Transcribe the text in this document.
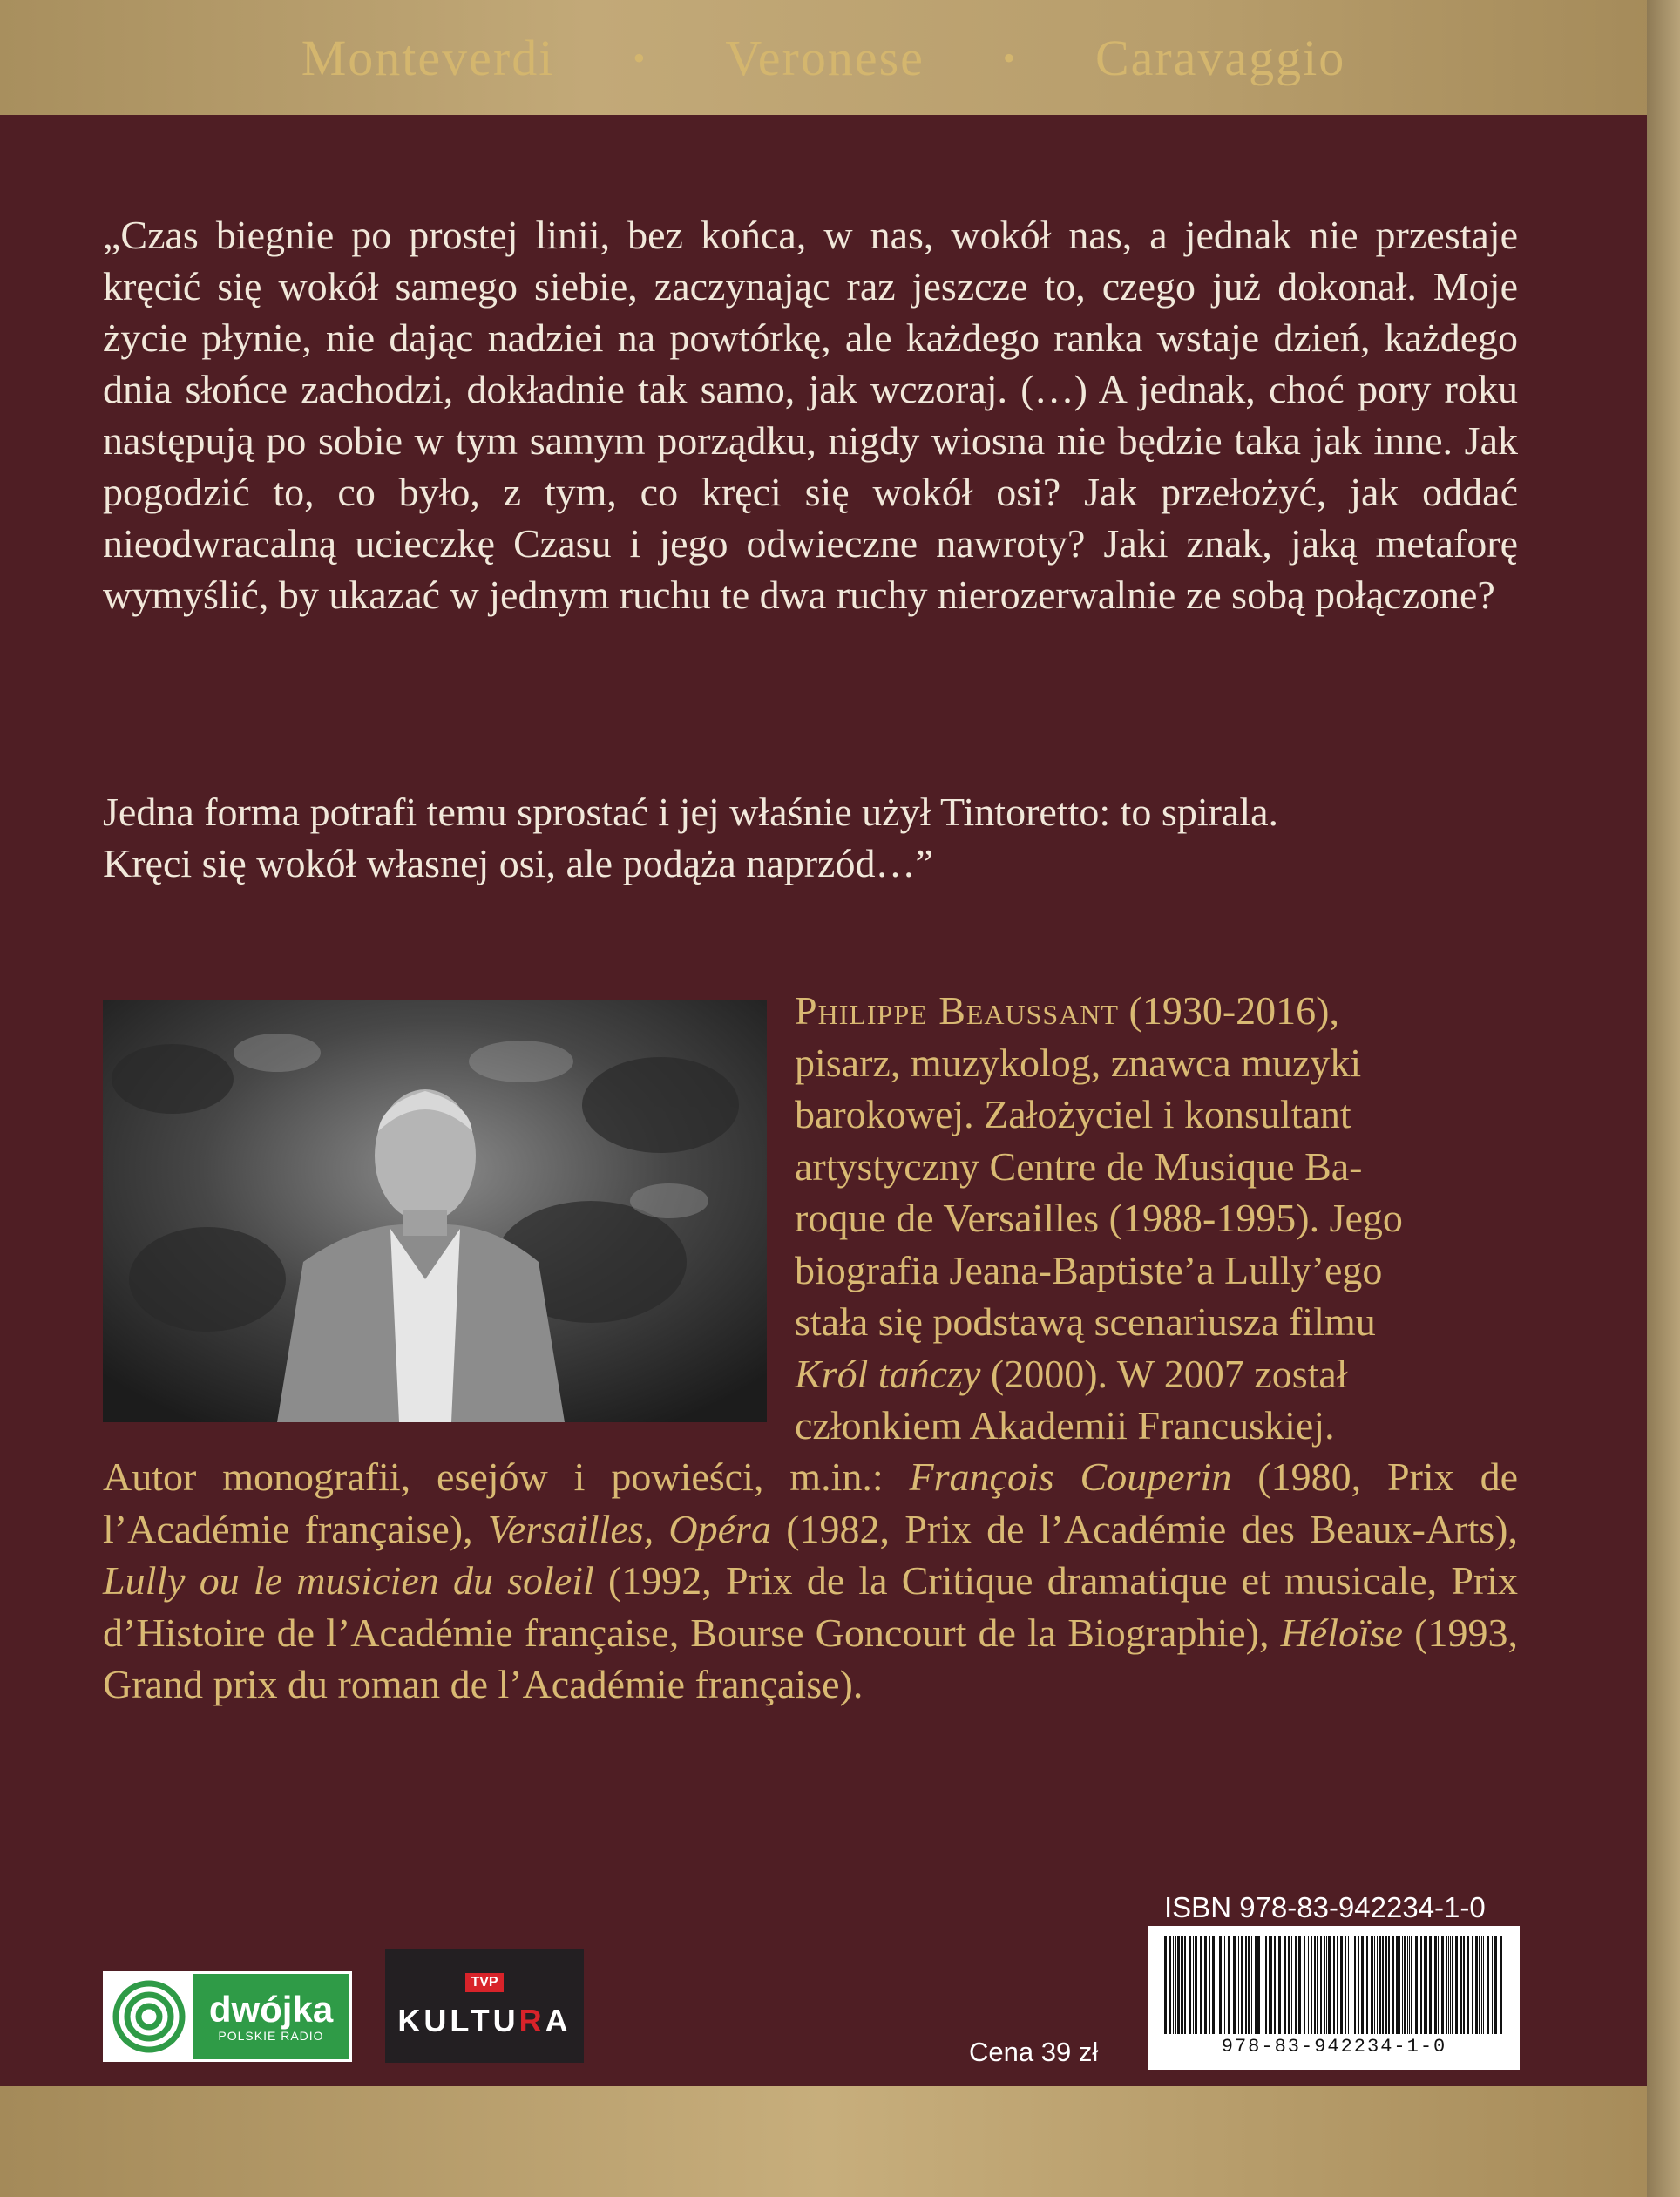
Monteverdi • Veronese • Caravaggio

„Czas biegnie po prostej linii, bez końca, w nas, wokół nas, a jednak nie przestaje kręcić się wokół samego siebie, zaczynając raz jeszcze to, czego już dokonał. Moje życie płynie, nie dając nadziei na powtórkę, ale każdego ranka wstaje dzień, każdego dnia słońce zachodzi, dokładnie tak samo, jak wczoraj. (…) A jednak, choć pory roku następują po sobie w tym samym porządku, nigdy wiosna nie będzie taka jak inne. Jak pogodzić to, co było, z tym, co kręci się wokół osi? Jak przełożyć, jak oddać nieodwracalną ucieczkę Czasu i jego odwieczne nawroty? Jaki znak, jaką metaforę wymyślić, by ukazać w jednym ruchu te dwa ruchy nierozerwalnie ze sobą połączone?

Jedna forma potrafi temu sprostać i jej właśnie użył Tintoretto: to spirala.
Kręci się wokół własnej osi, ale podąża naprzód…”

Philippe Beaussant (1930-2016),
pisarz, muzykolog, znawca muzyki
barokowej. Założyciel i konsultant
artystyczny Centre de Musique Ba-
roque de Versailles (1988-1995). Jego
biografia Jeana-Baptiste’a Lully’ego
stała się podstawą scenariusza filmu
Król tańczy (2000). W 2007 został
członkiem Akademii Francuskiej.

Autor monografii, esejów i powieści, m.in.: François Couperin (1980, Prix de l’Académie française), Versailles, Opéra (1982, Prix de l’Académie des Beaux-Arts), Lully ou le musicien du soleil (1992, Prix de la Critique dramatique et musicale, Prix d’Histoire de l’Académie française, Bourse Goncourt de la Biographie), Héloïse (1993, Grand prix du roman de l’Académie française).

ISBN 978-83-942234-1-0
978-83-942234-1-0
Cena 39 zł
dwójka
POLSKIE RADIO
TVP
KULTURA
